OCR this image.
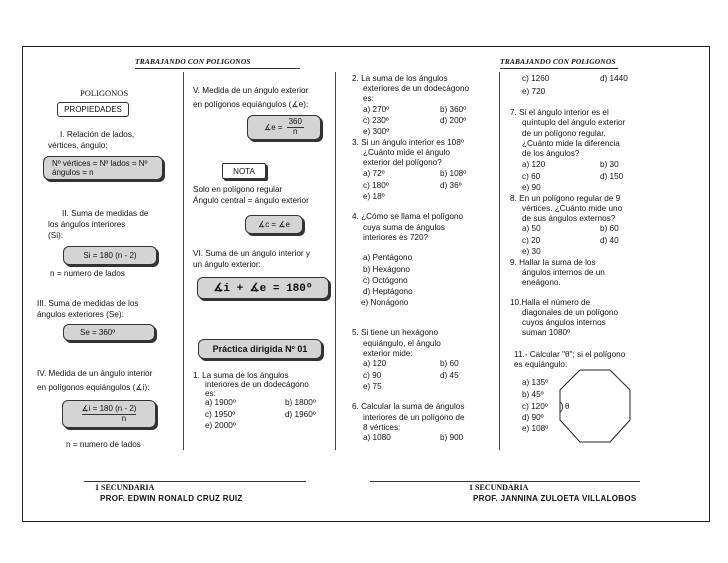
TRABAJANDO CON POLIGONOS	TRABAJANDO CON POLIGONOS
POLIGONOS
PROPIEDADES
I. Relación de lados,
vértices, ángulo:
Nº vértices = Nº lados = Nº
ángulos = n
II. Suma de medidas de
los ángulos interiores
(Si):
Si = 180 (n - 2)
n = numero de lados
III. Suma de medidas de los
ángulos exteriores (Se):
Se = 360º
IV. Medida de un ángulo interior
en polígonos equiángulos (∡i):
$\frac{∡i = 180 (n - 2)}{n}$
n = numero de lados
V. Medida de un ángulo exterior
en polígonos equiángulos (∡e):
∡e = $\frac{360}{n}$
NOTA
Solo en polígono regular
Ángulo central = ángulo exterior
∡c = ∡e
VI. Suma de un ángulo interior y
un ángulo exterior:
∡i + ∡e = 180º
Práctica dirigida Nº 01
1. La suma de los ángulos
interiores de un dodecágono
es:
a) 1900º	b) 1800º
c) 1950º	d) 1960º
e) 2000º
2. La suma de los ángulos
exteriores de un dodecágono
es:
a) 270º	b) 360º
c) 230º	d) 200º
e) 300º
3. Si un ángulo interior es 108º
¿Cuánto mide el ángulo
exterior del polígono?
a) 72º	b) 108º
c) 180º	d) 36º
e) 18º
4. ¿Cómo se llama el polígono
cuya suma de ángulos
interiores es 720?
a) Pentágono
b) Hexágono
c) Octógono
d) Heptágono
e) Nonágono
5. Si tiene un hexágono
equiángulo, el ángulo
exterior mide:
a) 120	b) 60
c) 90	d) 45
e) 75
6. Calcular la suma de ángulos
interiores de un polígono de
8 vértices:
a) 1080	b) 900
c) 1260	d) 1440
e) 720
7. Si el ángulo interior es el
quíntuplo del ángulo exterior
de un polígono regular.
¿Cuánto mide la diferencia
de los ángulos?
a) 120	b) 30
c) 60	d) 150
e) 90
8. En un polígono regular de 9
vértices. ¿Cuánto mide uno
de sus ángulos externos?
a) 50	b) 60
c) 20	d) 40
e) 30
9. Hallar la suma de los
ángulos internos de un
eneágono.
10.Halla el número de
diagonales de un polígono
cuyos ángulos internos
suman 1080º
11.- Calcular "θ"; si el polígono
es equiángulo:
a) 135º
b) 45º
c) 120º
d) 90º
e) 108º
θ
1 SECUNDARIA
PROF. EDWIN RONALD CRUZ RUIZ
1 SECUNDARIA
PROF. JANNINA ZULOETA VILLALOBOS
